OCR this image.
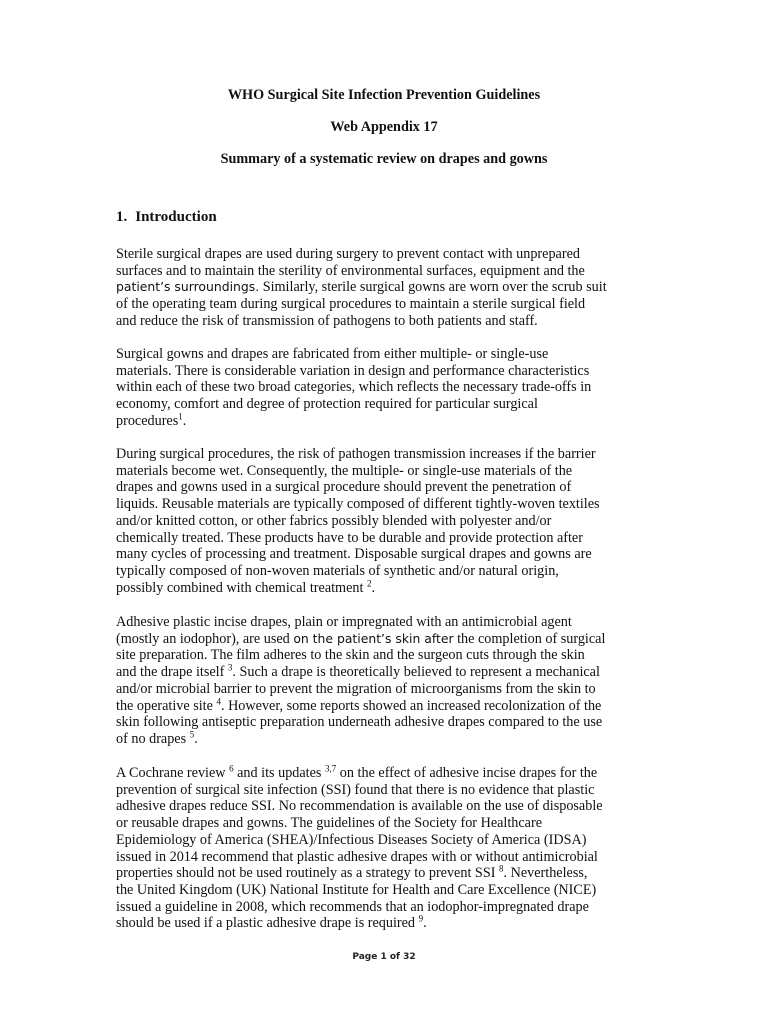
WHO Surgical Site Infection Prevention Guidelines
Web Appendix 17
Summary of a systematic review on drapes and gowns
1. Introduction

Sterile surgical drapes are used during surgery to prevent contact with unprepared
surfaces and to maintain the sterility of environmental surfaces, equipment and the
patient’s surroundings. Similarly, sterile surgical gowns are worn over the scrub suit
of the operating team during surgical procedures to maintain a sterile surgical field
and reduce the risk of transmission of pathogens to both patients and staff.

Surgical gowns and drapes are fabricated from either multiple- or single-use
materials. There is considerable variation in design and performance characteristics
within each of these two broad categories, which reflects the necessary trade-offs in
economy, comfort and degree of protection required for particular surgical
procedures$^1$.

During surgical procedures, the risk of pathogen transmission increases if the barrier
materials become wet. Consequently, the multiple- or single-use materials of the
drapes and gowns used in a surgical procedure should prevent the penetration of
liquids. Reusable materials are typically composed of different tightly-woven textiles
and/or knitted cotton, or other fabrics possibly blended with polyester and/or
chemically treated. These products have to be durable and provide protection after
many cycles of processing and treatment. Disposable surgical drapes and gowns are
typically composed of non-woven materials of synthetic and/or natural origin,
possibly combined with chemical treatment $^2$.

Adhesive plastic incise drapes, plain or impregnated with an antimicrobial agent
(mostly an iodophor), are used on the patient’s skin after the completion of surgical
site preparation. The film adheres to the skin and the surgeon cuts through the skin
and the drape itself $^3$. Such a drape is theoretically believed to represent a mechanical
and/or microbial barrier to prevent the migration of microorganisms from the skin to
the operative site $^4$. However, some reports showed an increased recolonization of the
skin following antiseptic preparation underneath adhesive drapes compared to the use
of no drapes $^5$.

A Cochrane review $^6$ and its updates $^{3,7}$ on the effect of adhesive incise drapes for the
prevention of surgical site infection (SSI) found that there is no evidence that plastic
adhesive drapes reduce SSI. No recommendation is available on the use of disposable
or reusable drapes and gowns. The guidelines of the Society for Healthcare
Epidemiology of America (SHEA)/Infectious Diseases Society of America (IDSA)
issued in 2014 recommend that plastic adhesive drapes with or without antimicrobial
properties should not be used routinely as a strategy to prevent SSI $^8$. Nevertheless,
the United Kingdom (UK) National Institute for Health and Care Excellence (NICE)
issued a guideline in 2008, which recommends that an iodophor-impregnated drape
should be used if a plastic adhesive drape is required $^9$.

Page 1 of 32
